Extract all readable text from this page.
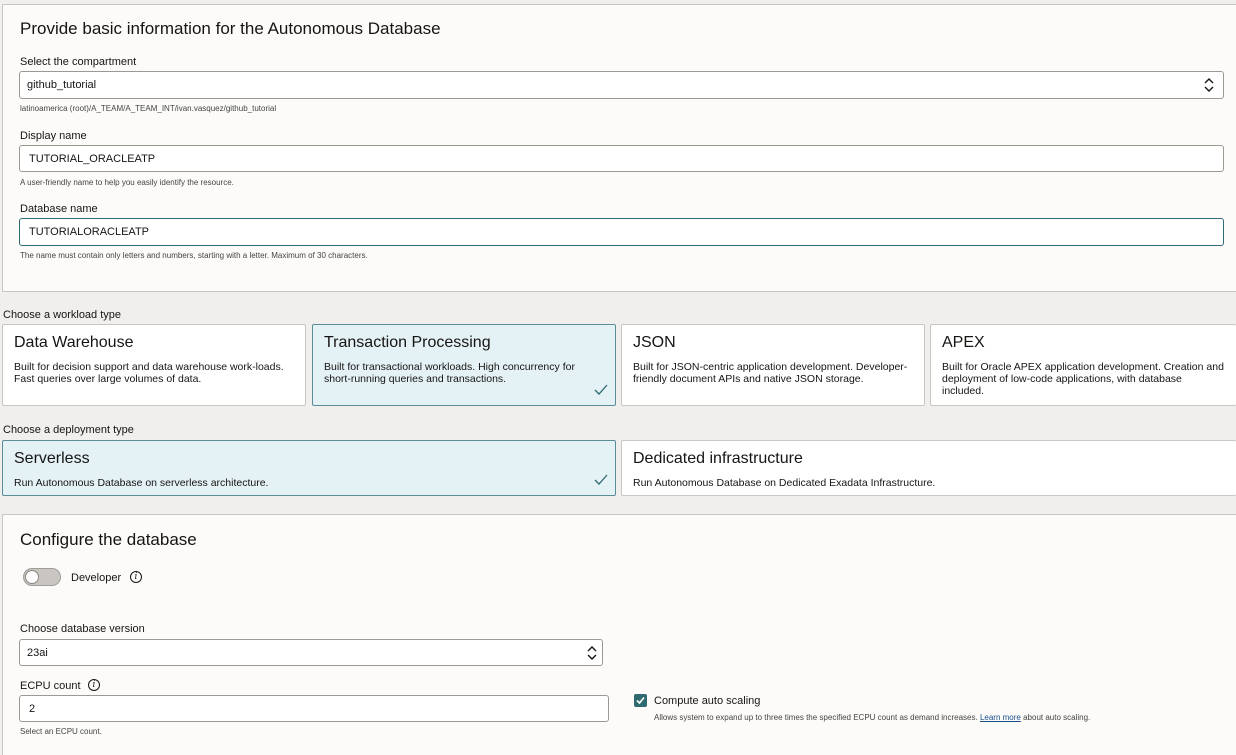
Provide basic information for the Autonomous Database
Select the compartment
github_tutorial
latinoamerica (root)/A_TEAM/A_TEAM_INT/ivan.vasquez/github_tutorial
Display name
TUTORIAL_ORACLEATP
A user-friendly name to help you easily identify the resource.
Database name
TUTORIALORACLEATP
The name must contain only letters and numbers, starting with a letter. Maximum of 30 characters.
Choose a workload type
Data Warehouse
Built for decision support and data warehouse work-loads. Fast queries over large volumes of data.
Transaction Processing
Built for transactional workloads. High concurrency for short-running queries and transactions.
JSON
Built for JSON-centric application development. Developer-friendly document APIs and native JSON storage.
APEX
Built for Oracle APEX application development. Creation and deployment of low-code applications, with database included.
Choose a deployment type
Serverless
Run Autonomous Database on serverless architecture.
Dedicated infrastructure
Run Autonomous Database on Dedicated Exadata Infrastructure.
Configure the database
Developer	i
Choose database version
23ai
ECPU count	i
2
Select an ECPU count.
Compute auto scaling
Allows system to expand up to three times the specified ECPU count as demand increases. Learn more about auto scaling.
